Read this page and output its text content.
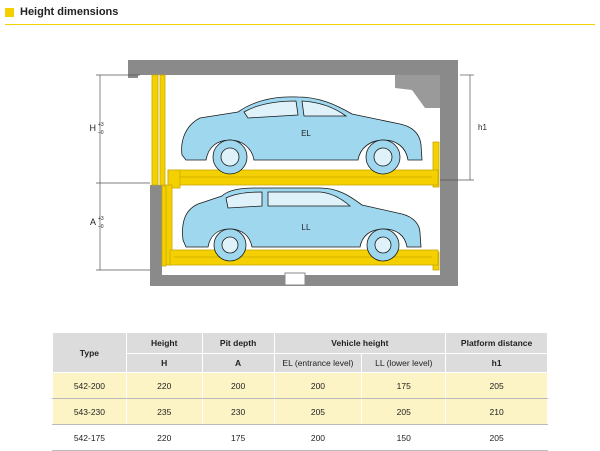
Height dimensions
H +3
–0
A +3
–0
EL
LL
h1
Type	Height	Pit depth	Vehicle height		Platform distance
	H	A	EL (entrance level)	LL (lower level)	h1
542-200	220	200	200	175	205
543-230	235	230	205	205	210
542-175	220	175	200	150	205
